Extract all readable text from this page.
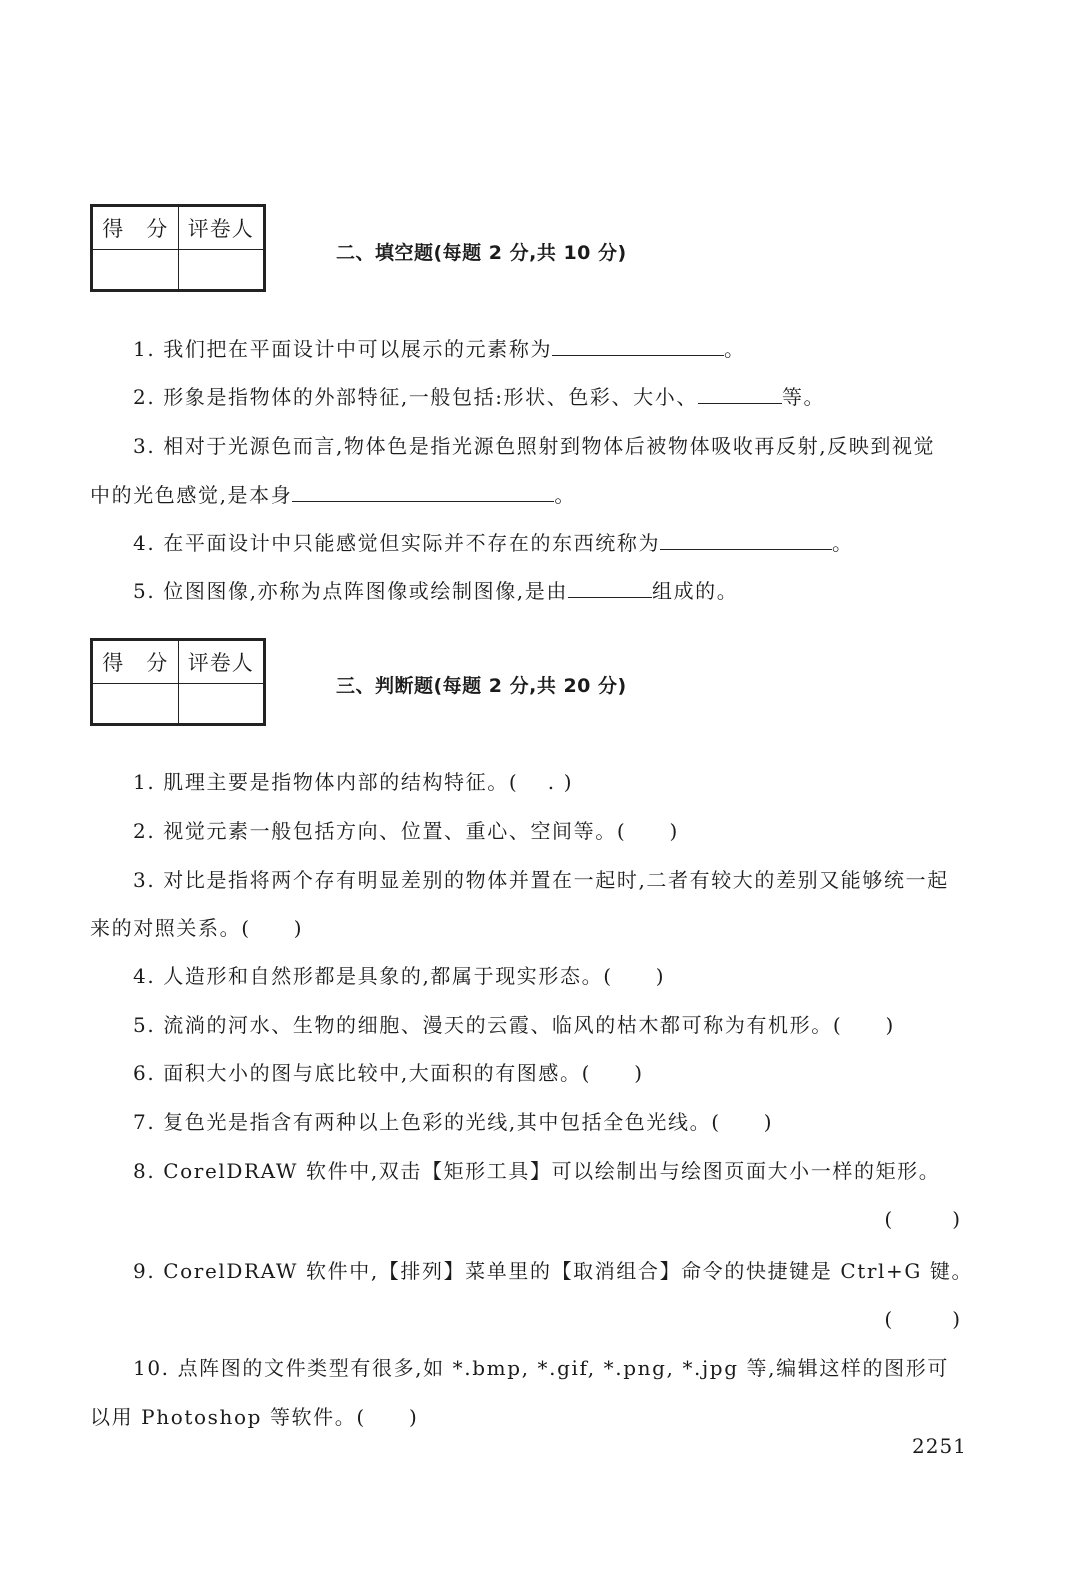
得　分	评卷人

二、填空题(每题 2 分,共 10 分)
1. 我们把在平面设计中可以展示的元素称为	。
2. 形象是指物体的外部特征,一般包括:形状、色彩、大小、	等。
3. 相对于光源色而言,物体色是指光源色照射到物体后被物体吸收再反射,反映到视觉
中的光色感觉,是本身	。
4. 在平面设计中只能感觉但实际并不存在的东西统称为	。
5. 位图图像,亦称为点阵图像或绘制图像,是由	组成的。
得　分	评卷人

三、判断题(每题 2 分,共 20 分)
1. 肌理主要是指物体内部的结构特征。(　 . )
2. 视觉元素一般包括方向、位置、重心、空间等。(　　)
3. 对比是指将两个存有明显差别的物体并置在一起时,二者有较大的差别又能够统一起
来的对照关系。(　　)
4. 人造形和自然形都是具象的,都属于现实形态。(　　)
5. 流淌的河水、生物的细胞、漫天的云霞、临风的枯木都可称为有机形。(　　)
6. 面积大小的图与底比较中,大面积的有图感。(　　)
7. 复色光是指含有两种以上色彩的光线,其中包括全色光线。(　　)
8. CorelDRAW 软件中,双击【矩形工具】可以绘制出与绘图页面大小一样的矩形。
(　)
9. CorelDRAW 软件中,【排列】菜单里的【取消组合】命令的快捷键是 Ctrl+G 键。
(　)
10. 点阵图的文件类型有很多,如 *.bmp, *.gif, *.png, *.jpg 等,编辑这样的图形可
以用 Photoshop 等软件。(　　)
2251
